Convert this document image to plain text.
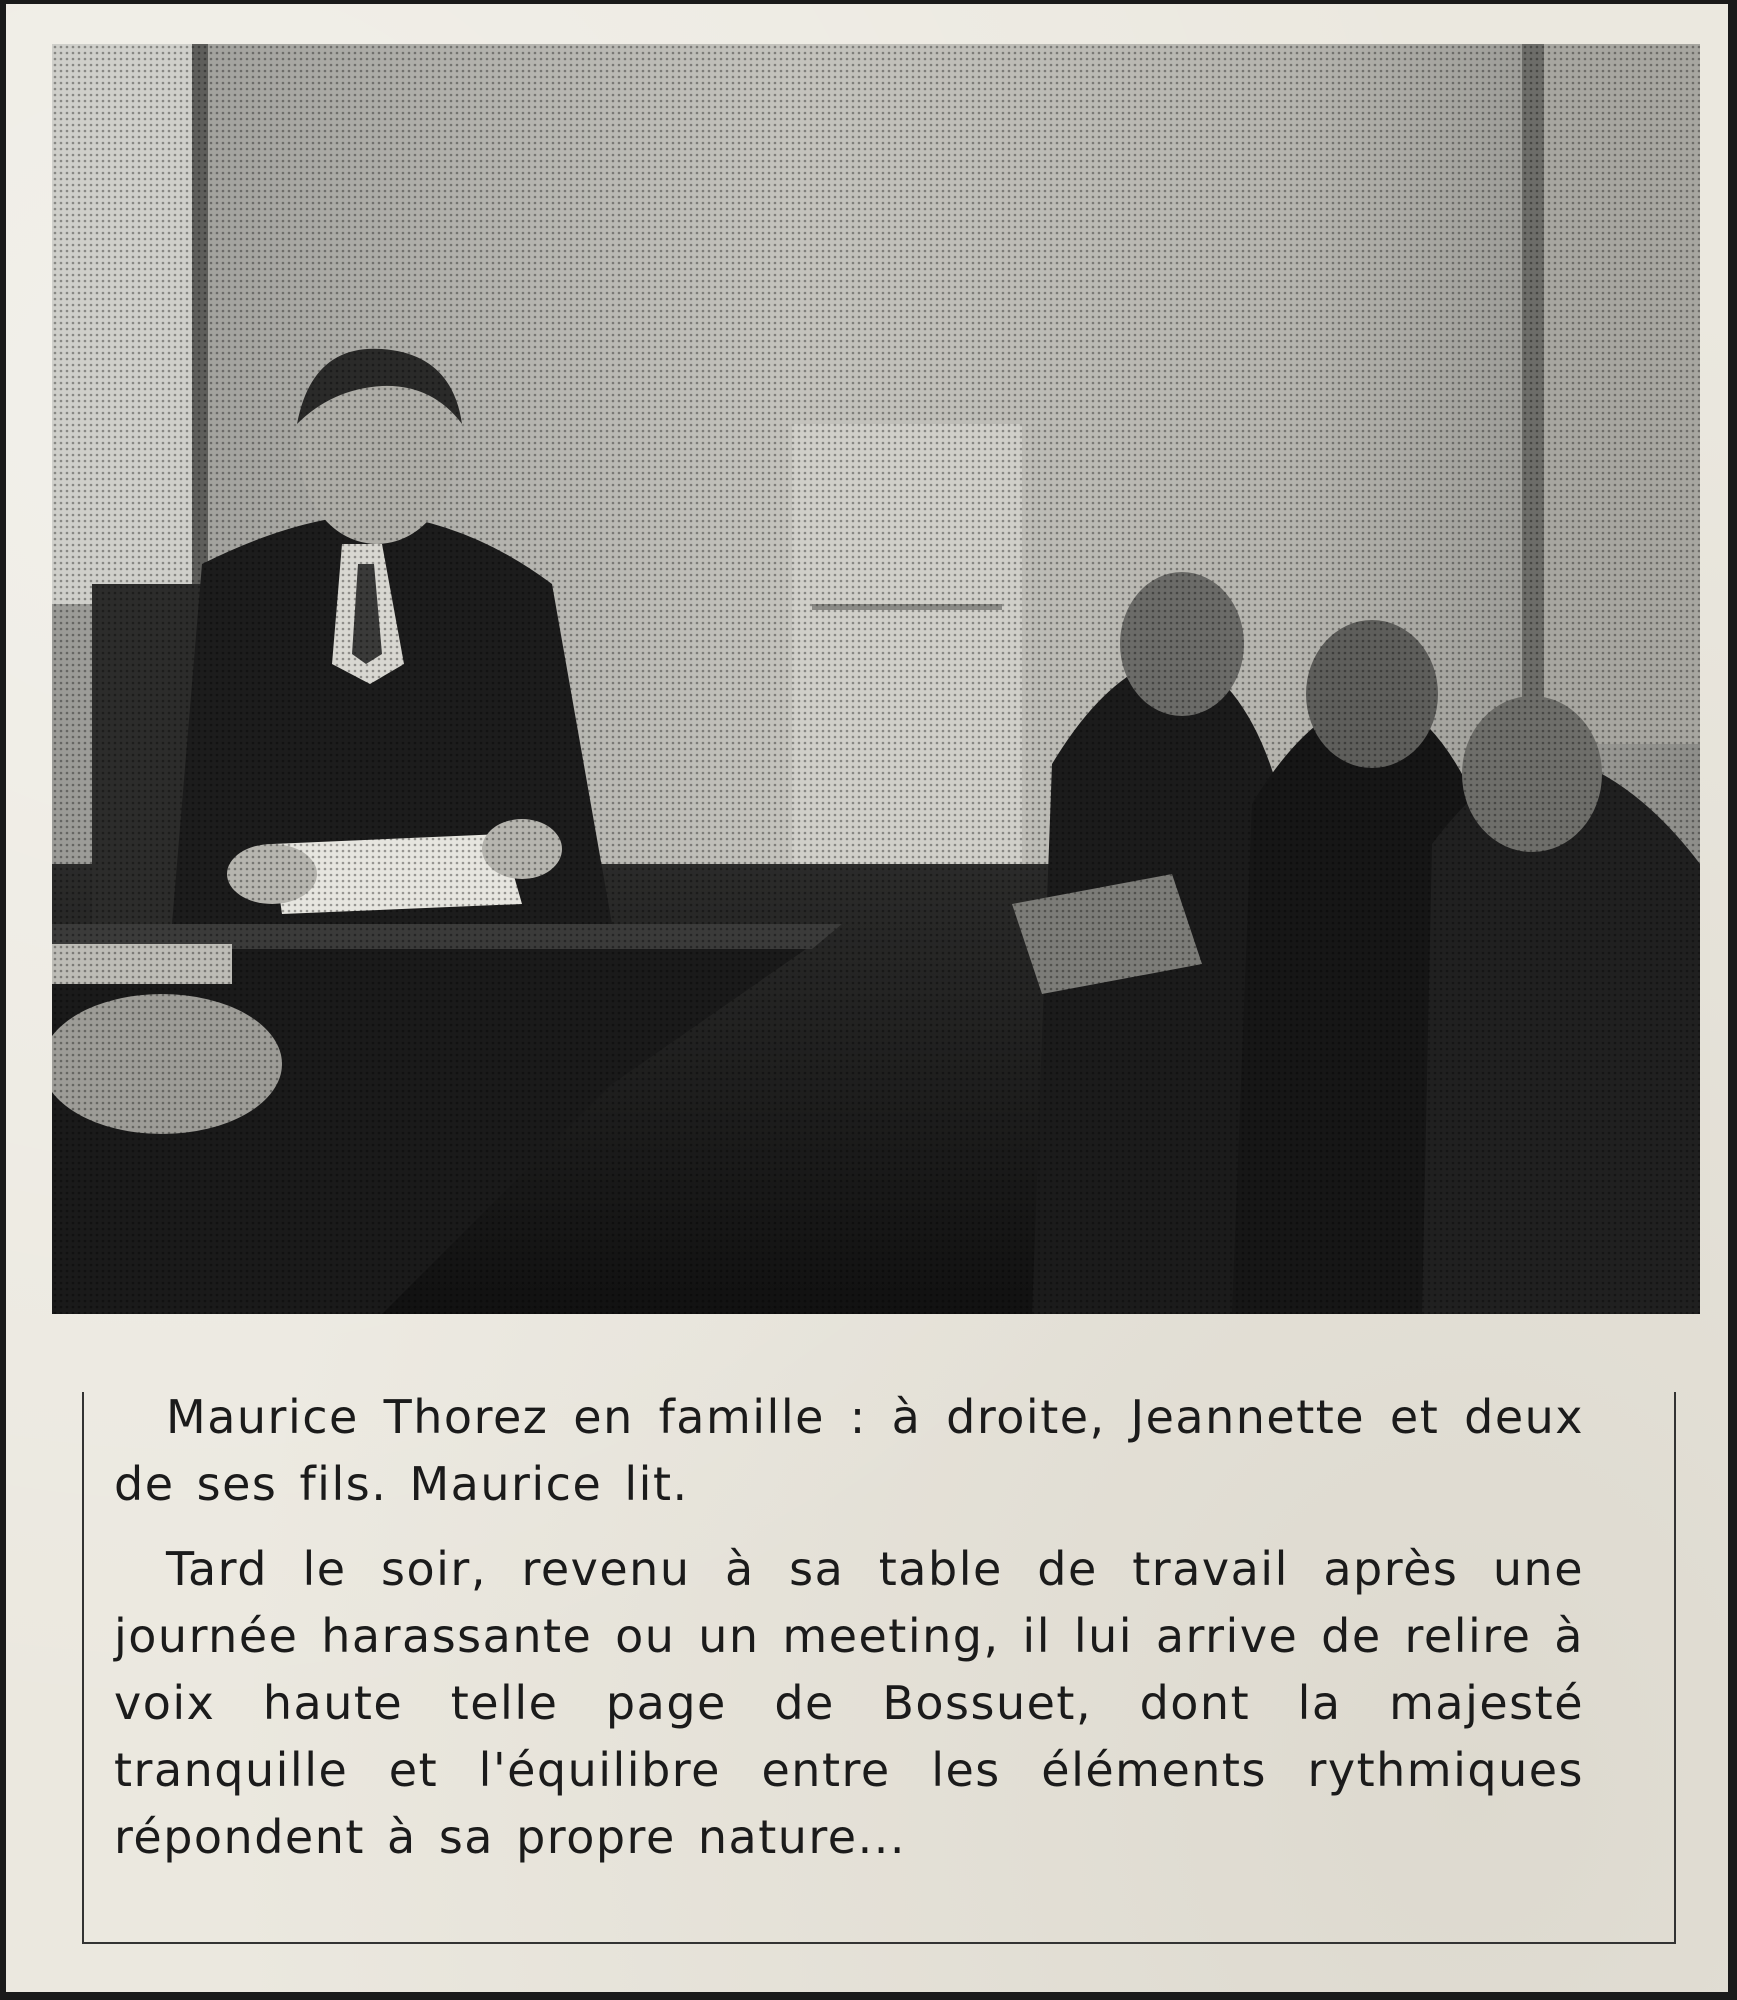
Maurice Thorez en famille : à droite, Jeannette et deux de ses fils. Maurice lit.

Tard le soir, revenu à sa table de travail après une journée harassante ou un meeting, il lui arrive de relire à voix haute telle page de Bossuet, dont la majesté tranquille et l'équilibre entre les éléments rythmiques répondent à sa propre nature...
